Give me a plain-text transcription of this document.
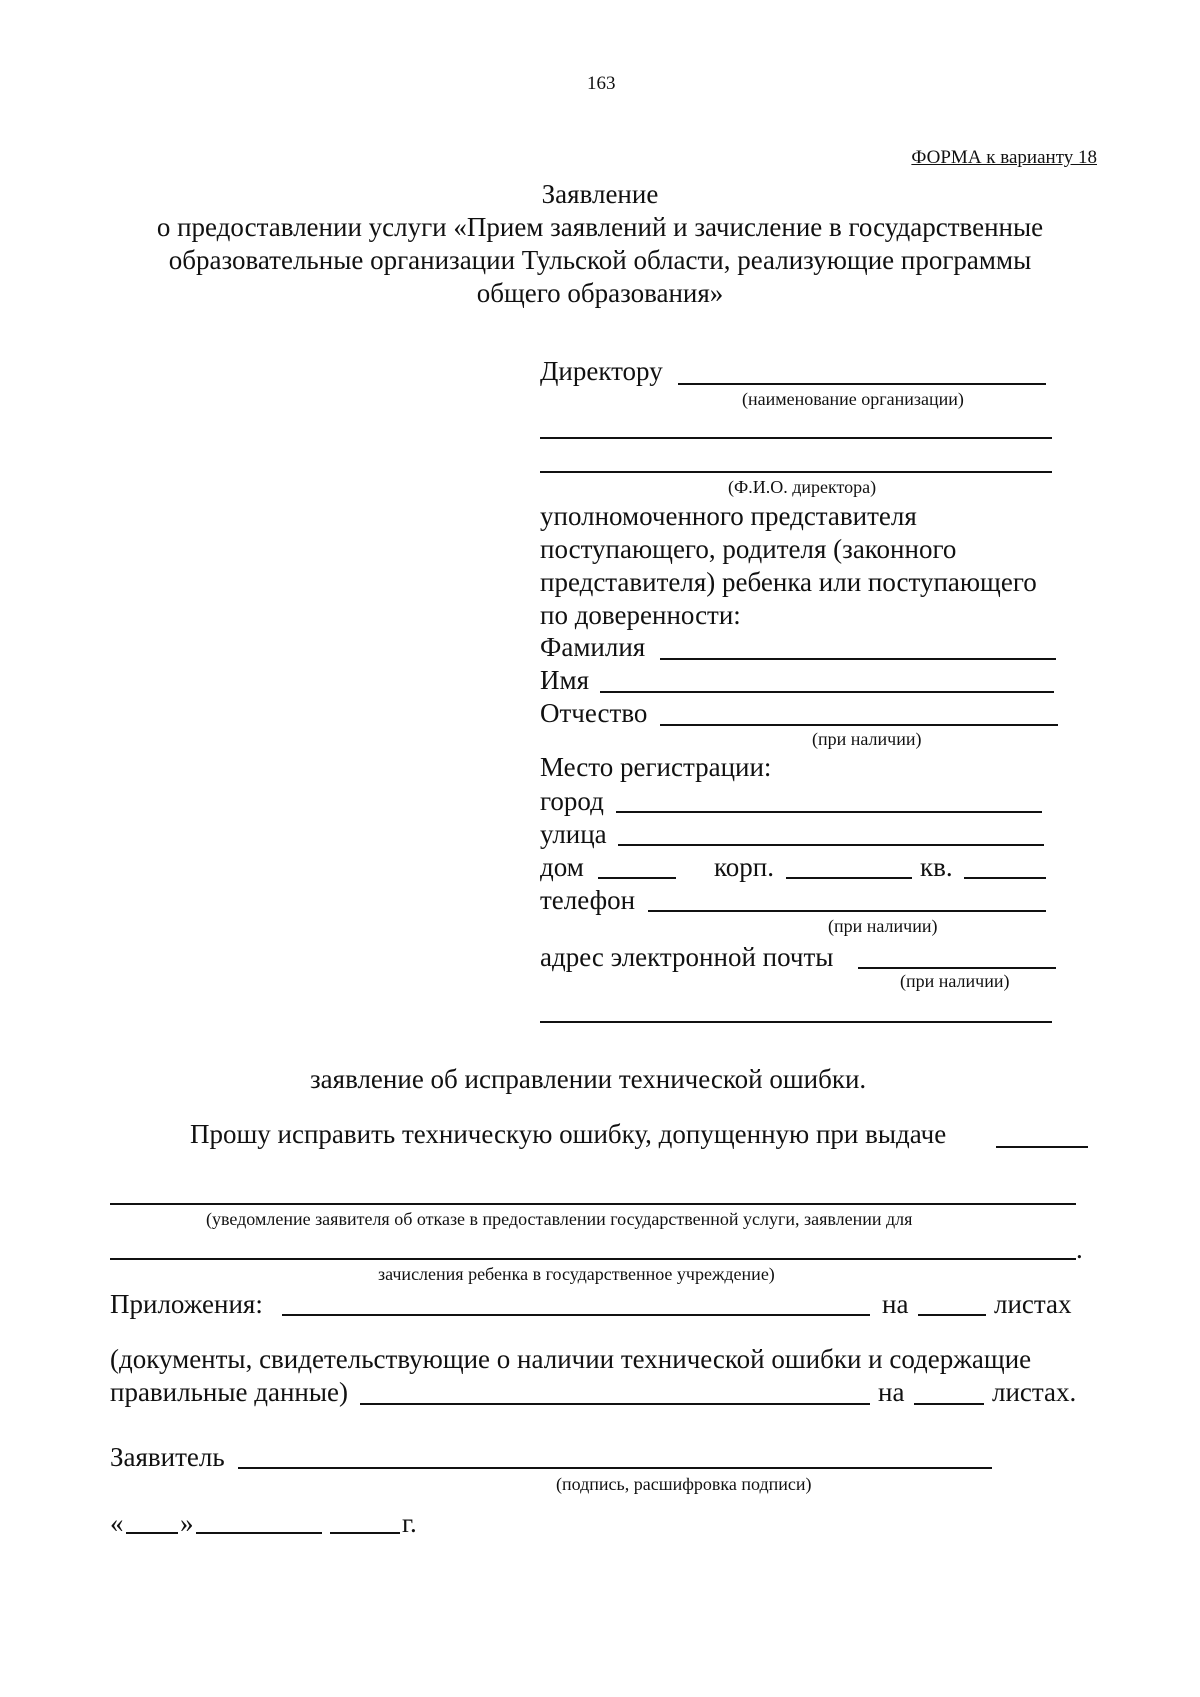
163
ФОРМА к варианту 18
Заявление
о предоставлении услуги «Прием заявлений и зачисление в государственные
образовательные организации Тульской области, реализующие программы
общего образования»
Директору
(наименование организации)
(Ф.И.О. директора)
уполномоченного представителя
поступающего, родителя (законного
представителя) ребенка или поступающего
по доверенности:
Фамилия
Имя
Отчество
(при наличии)
Место регистрации:
город
улица
дом	корп.	кв.
телефон
(при наличии)
адрес электронной почты
(при наличии)
заявление об исправлении технической ошибки.
Прошу исправить техническую ошибку, допущенную при выдаче
(уведомление заявителя об отказе в предоставлении государственной услуги, заявлении для
.
зачисления ребенка в государственное учреждение)
Приложения:	на	листах
(документы, свидетельствующие о наличии технической ошибки и содержащие
правильные данные)	на	листах.
Заявитель
(подпись, расшифровка подписи)
« »	г.
